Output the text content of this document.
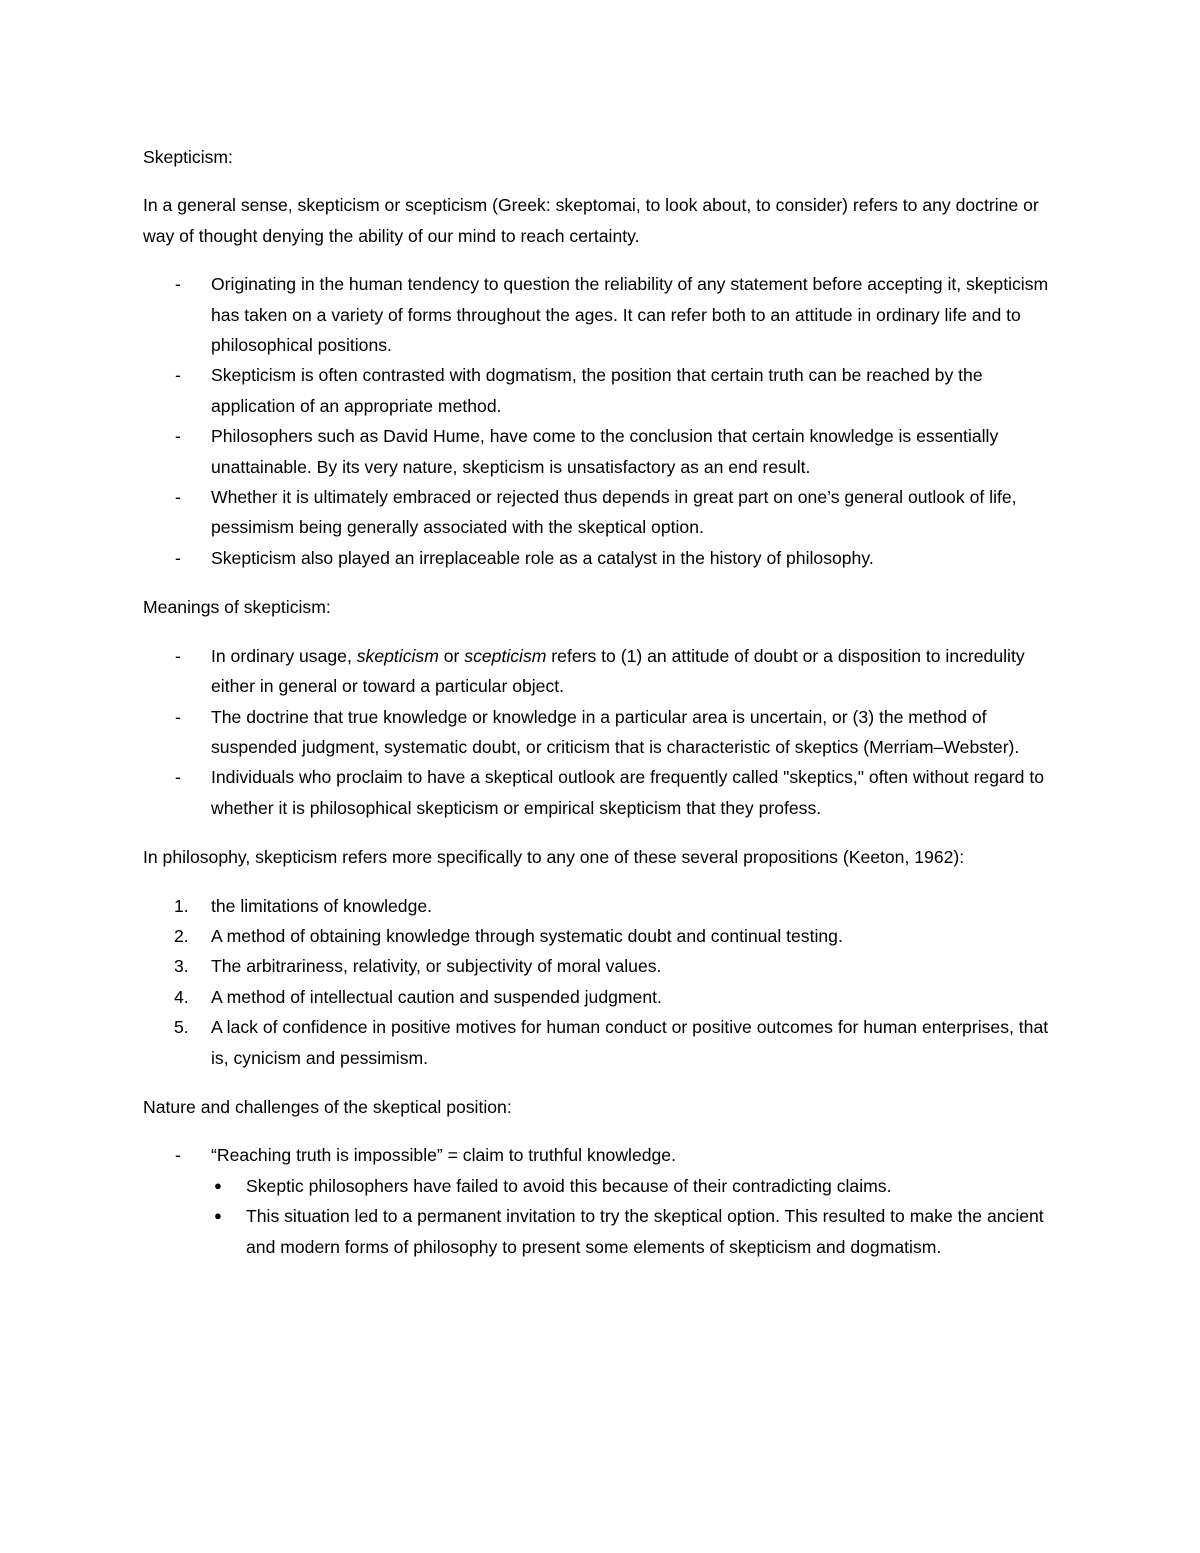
Skepticism:

In a general sense, skepticism or scepticism (Greek: skeptomai, to look about, to consider) refers to any doctrine or way of thought denying the ability of our mind to reach certainty.

- Originating in the human tendency to question the reliability of any statement before accepting it, skepticism has taken on a variety of forms throughout the ages. It can refer both to an attitude in ordinary life and to philosophical positions.
- Skepticism is often contrasted with dogmatism, the position that certain truth can be reached by the application of an appropriate method.
- Philosophers such as David Hume, have come to the conclusion that certain knowledge is essentially unattainable. By its very nature, skepticism is unsatisfactory as an end result.
- Whether it is ultimately embraced or rejected thus depends in great part on one’s general outlook of life, pessimism being generally associated with the skeptical option.
- Skepticism also played an irreplaceable role as a catalyst in the history of philosophy.

Meanings of skepticism:

- In ordinary usage, skepticism or scepticism refers to (1) an attitude of doubt or a disposition to incredulity either in general or toward a particular object.
- The doctrine that true knowledge or knowledge in a particular area is uncertain, or (3) the method of suspended judgment, systematic doubt, or criticism that is characteristic of skeptics (Merriam–Webster).
- Individuals who proclaim to have a skeptical outlook are frequently called "skeptics," often without regard to whether it is philosophical skepticism or empirical skepticism that they profess.

In philosophy, skepticism refers more specifically to any one of these several propositions (Keeton, 1962):

1. the limitations of knowledge.
2. A method of obtaining knowledge through systematic doubt and continual testing.
3. The arbitrariness, relativity, or subjectivity of moral values.
4. A method of intellectual caution and suspended judgment.
5. A lack of confidence in positive motives for human conduct or positive outcomes for human enterprises, that is, cynicism and pessimism.

Nature and challenges of the skeptical position:

- “Reaching truth is impossible” = claim to truthful knowledge.
● Skeptic philosophers have failed to avoid this because of their contradicting claims.
● This situation led to a permanent invitation to try the skeptical option. This resulted to make the ancient and modern forms of philosophy to present some elements of skepticism and dogmatism.
